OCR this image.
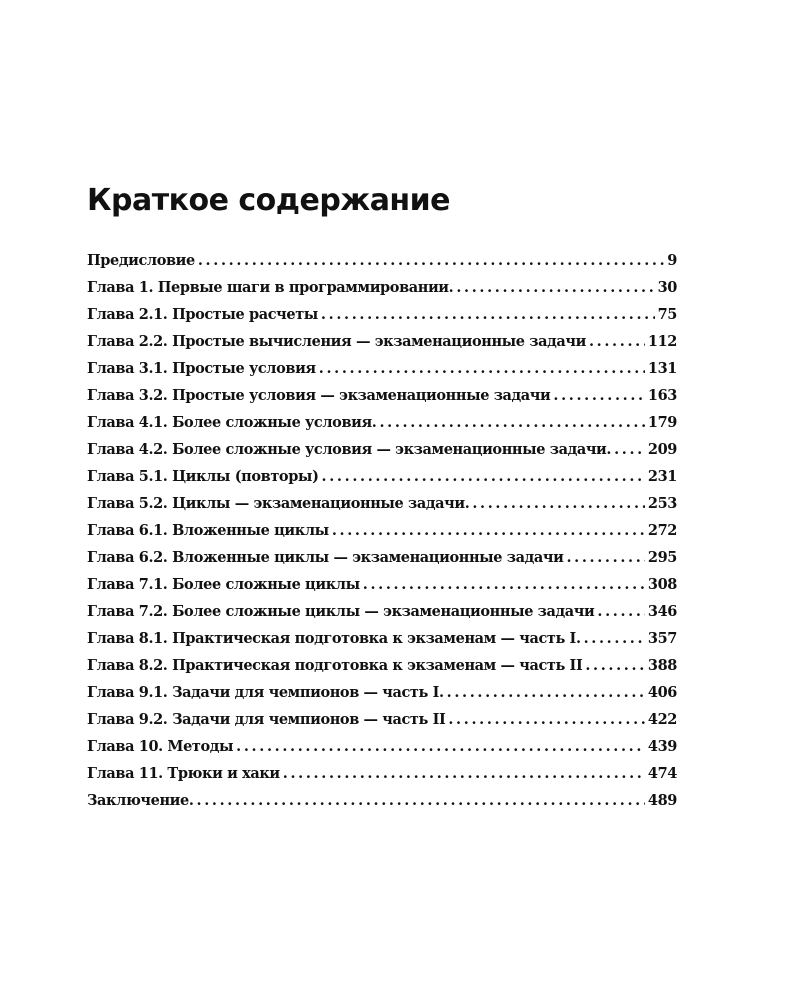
Краткое содержание
Предисловие . . .	9
Глава 1. Первые шаги в программировании. . . .	30
Глава 2.1. Простые расчеты . . .	75
Глава 2.2. Простые вычисления — экзаменационные задачи . . .	112
Глава 3.1. Простые условия . . .	131
Глава 3.2. Простые условия — экзаменационные задачи . . .	163
Глава 4.1. Более сложные условия. . . .	179
Глава 4.2. Более сложные условия — экзаменационные задачи. . . .	209
Глава 5.1. Циклы (повторы) . . .	231
Глава 5.2. Циклы — экзаменационные задачи. . . .	253
Глава 6.1. Вложенные циклы . . .	272
Глава 6.2. Вложенные циклы — экзаменационные задачи . . .	295
Глава 7.1. Более сложные циклы . . .	308
Глава 7.2. Более сложные циклы — экзаменационные задачи . . .	346
Глава 8.1. Практическая подготовка к экзаменам — часть I. . . .	357
Глава 8.2. Практическая подготовка к экзаменам — часть II . . .	388
Глава 9.1. Задачи для чемпионов — часть I. . . .	406
Глава 9.2. Задачи для чемпионов — часть II . . .	422
Глава 10. Методы . . .	439
Глава 11. Трюки и хаки . . .	474
Заключение. . . .	489
